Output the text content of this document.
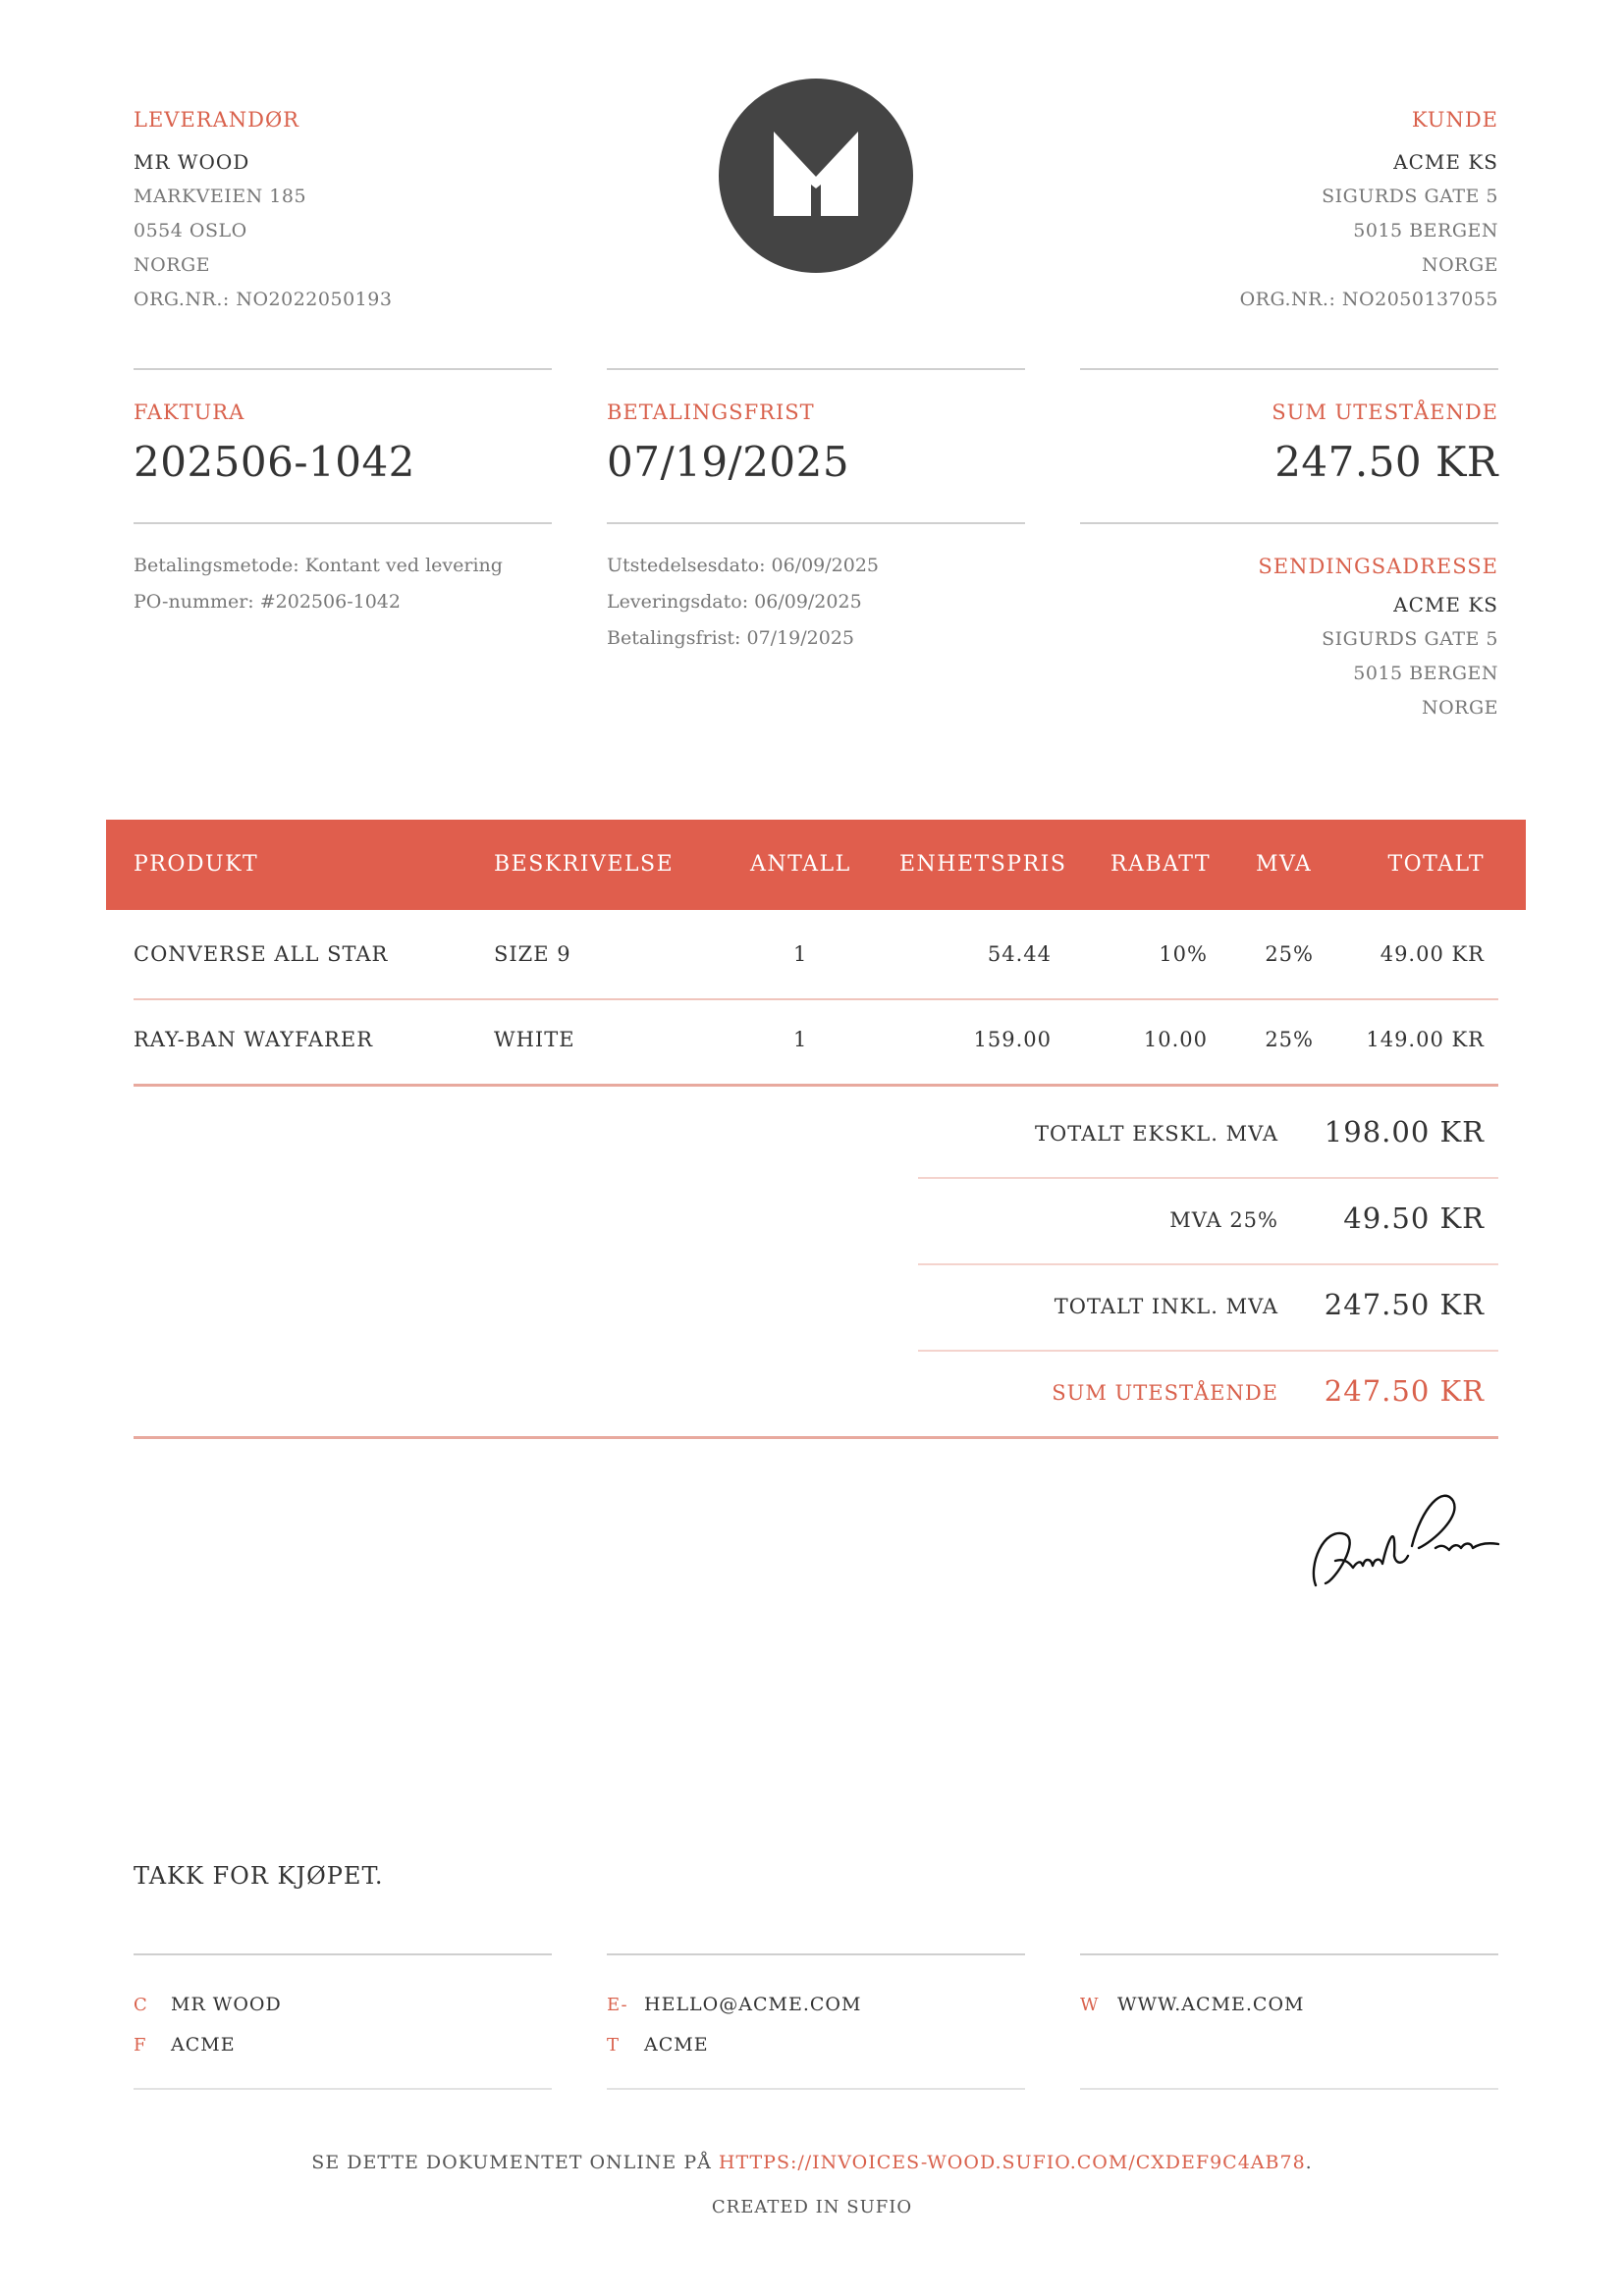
LEVERANDØR
MR WOOD
MARKVEIEN 185
0554 OSLO
NORGE
ORG.NR.: NO2022050193
KUNDE
ACME KS
SIGURDS GATE 5
5015 BERGEN
NORGE
ORG.NR.: NO2050137055
FAKTURA
202506-1042
BETALINGSFRIST
07/19/2025
SUM UTESTÅENDE
247.50 KR
Betalingsmetode: Kontant ved levering
PO-nummer: #202506-1042
Utstedelsesdato: 06/09/2025
Leveringsdato: 06/09/2025
Betalingsfrist: 07/19/2025
SENDINGSADRESSE
ACME KS
SIGURDS GATE 5
5015 BERGEN
NORGE
PRODUKT	BESKRIVELSE	ANTALL ENHETSPRIS RABATT MVA	TOTALT
CONVERSE ALL STAR	SIZE 9	1	54.44	10%	25%	49.00 KR
RAY-BAN WAYFARER	WHITE	1	159.00	10.00	25%	149.00 KR
TOTALT EKSKL. MVA 198.00 KR
MVA 25% 49.50 KR
TOTALT INKL. MVA 247.50 KR
SUM UTESTÅENDE 247.50 KR
TAKK FOR KJØPET.
C MR WOOD
F ACME
E- HELLO@ACME.COM
T ACME
W WWW.ACME.COM
SE DETTE DOKUMENTET ONLINE PÅ HTTPS://INVOICES-WOOD.SUFIO.COM/CXDEF9C4AB78.
CREATED IN SUFIO
